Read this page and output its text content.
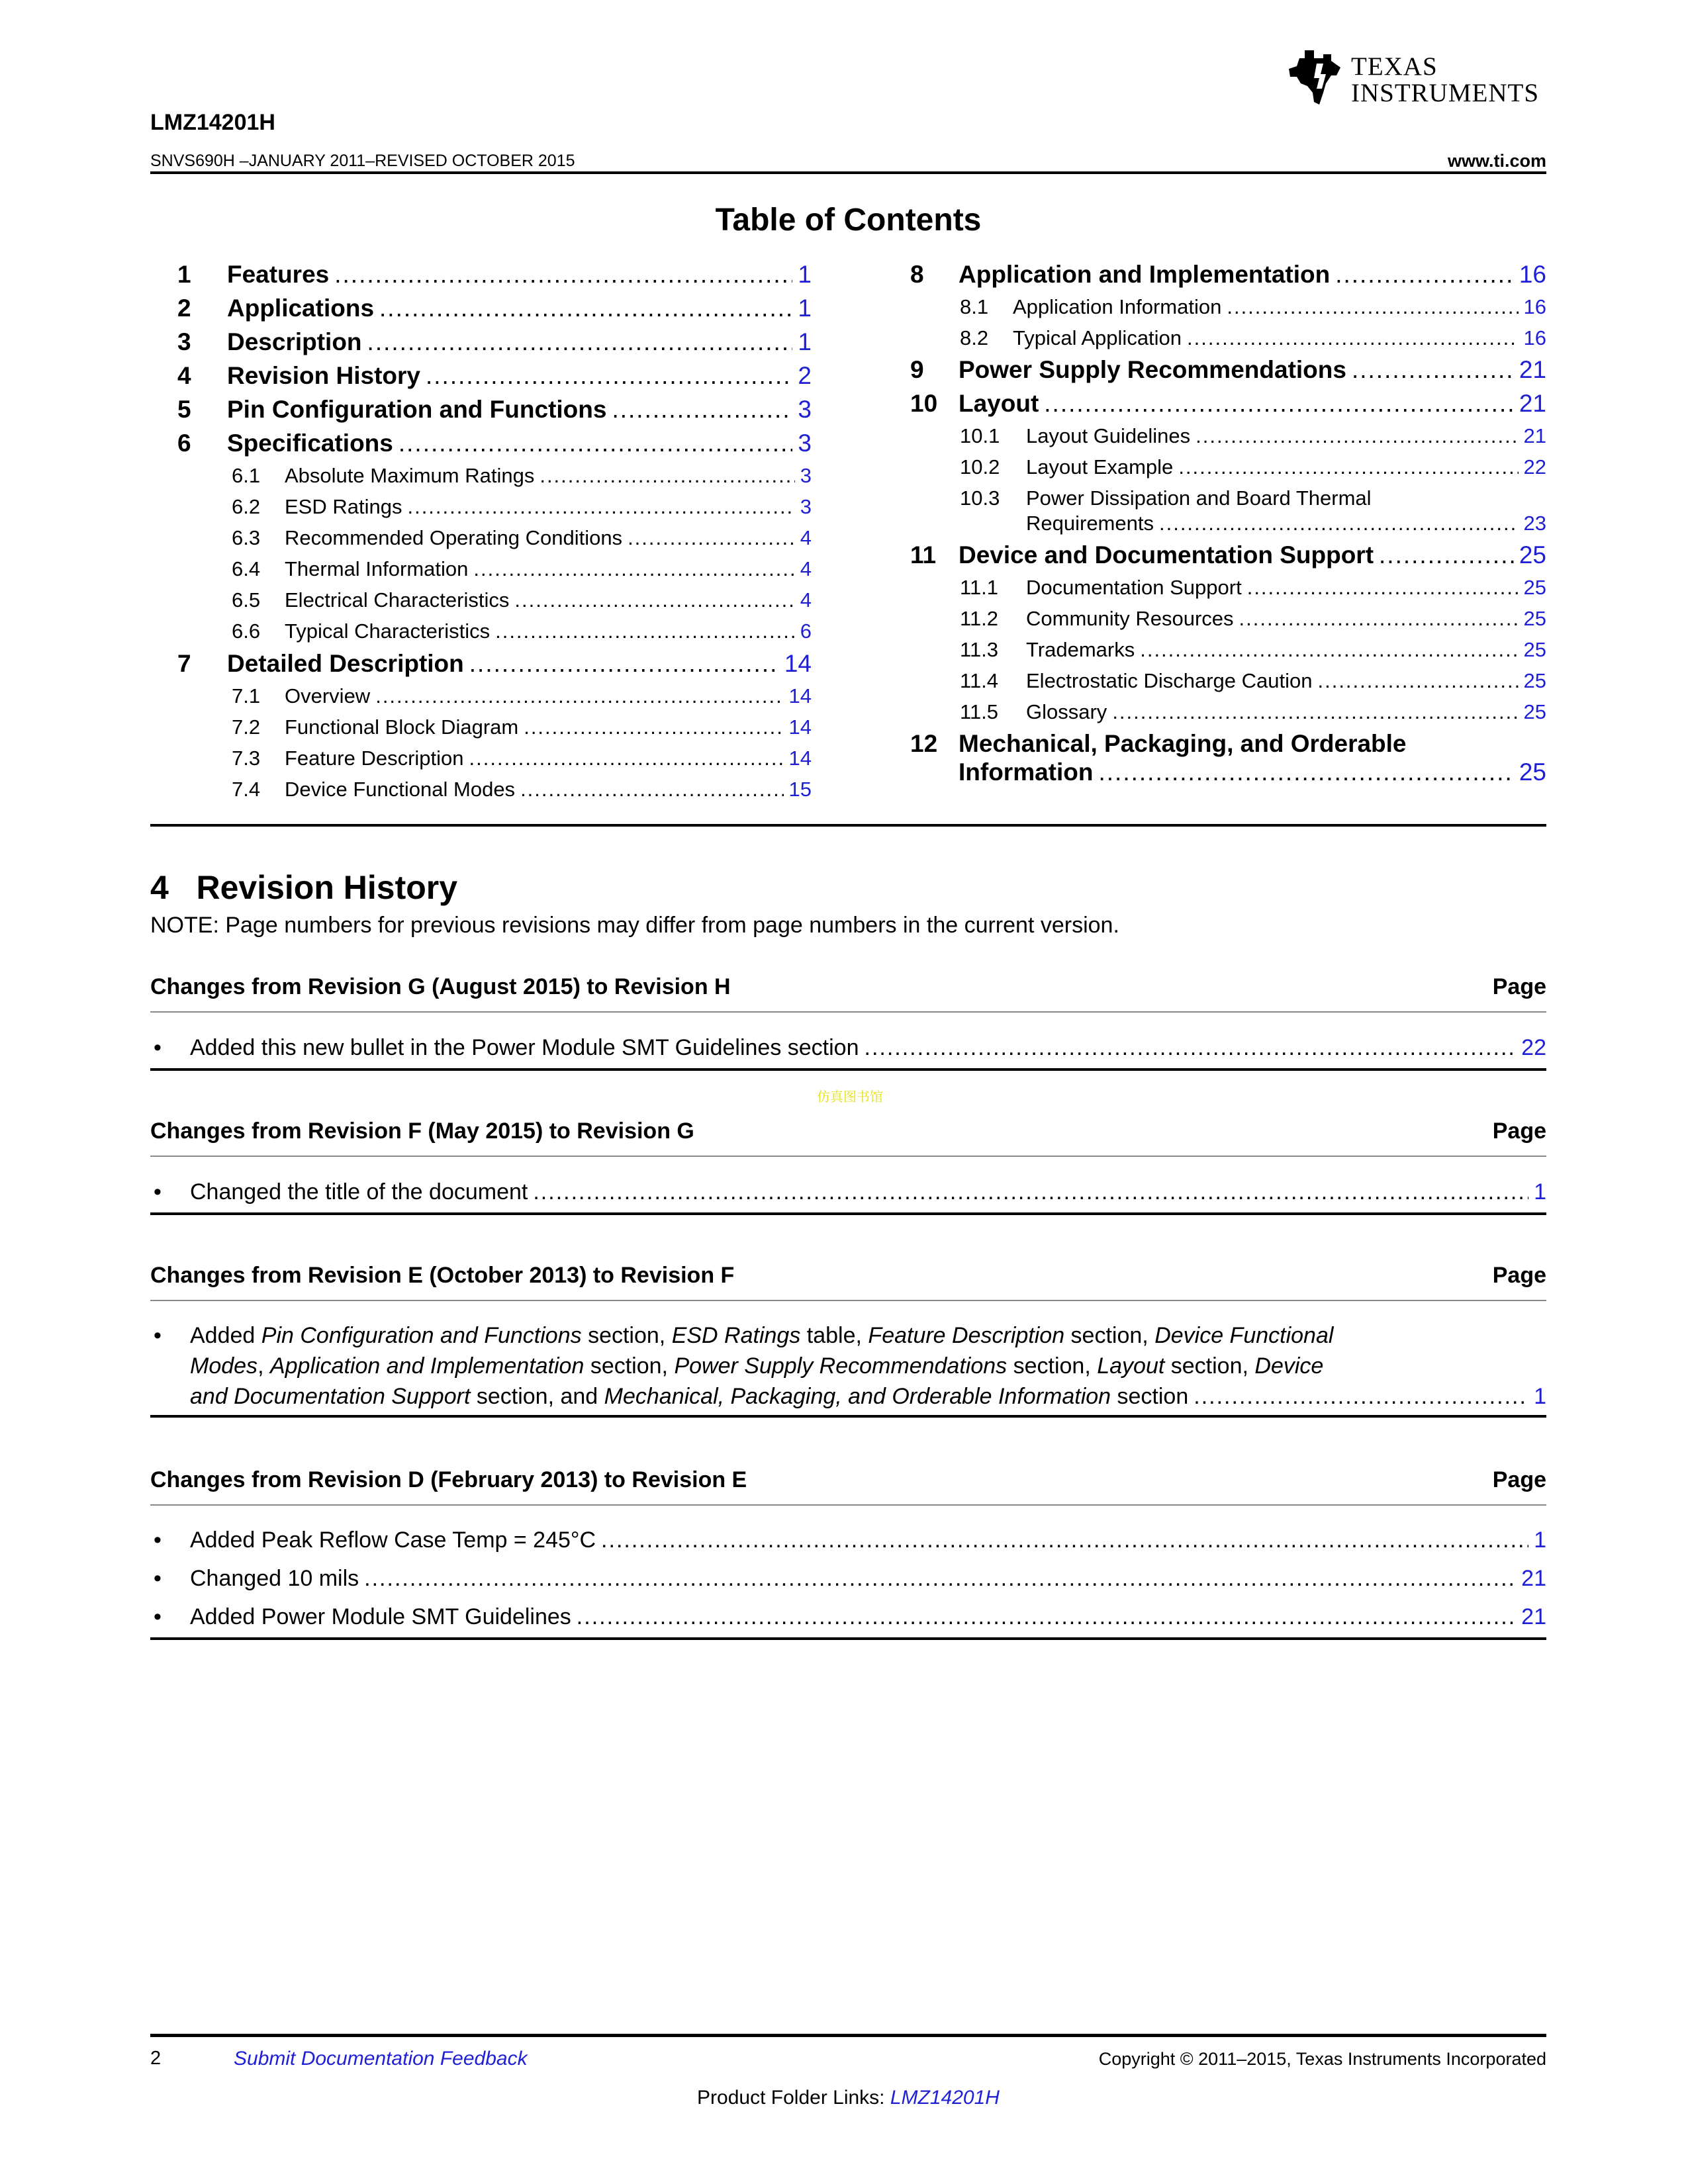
TEXAS
INSTRUMENTS
LMZ14201H
SNVS690H –JANUARY 2011–REVISED OCTOBER 2015	www.ti.com
Table of Contents
1	Features .....	1
2	Applications .....	1
3	Description .....	1
4	Revision History .....	2
5	Pin Configuration and Functions .....	3
6	Specifications .....	3
6.1	Absolute Maximum Ratings .....	3
6.2	ESD Ratings .....	3
6.3	Recommended Operating Conditions .....	4
6.4	Thermal Information .....	4
6.5	Electrical Characteristics .....	4
6.6	Typical Characteristics .....	6
7	Detailed Description .....	14
7.1	Overview .....	14
7.2	Functional Block Diagram .....	14
7.3	Feature Description .....	14
7.4	Device Functional Modes .....	15
8	Application and Implementation .....	16
8.1	Application Information .....	16
8.2	Typical Application .....	16
9	Power Supply Recommendations .....	21
10 Layout .....	21
10.1	Layout Guidelines .....	21
10.2	Layout Example .....	22
10.3	Power Dissipation and Board Thermal
Requirements .....	23
11 Device and Documentation Support .....	25
11.1	Documentation Support .....	25
11.2	Community Resources .....	25
11.3	Trademarks .....	25
11.4	Electrostatic Discharge Caution .....	25
11.5	Glossary .....	25
12 Mechanical, Packaging, and Orderable
Information .....	25
4   Revision History
NOTE: Page numbers for previous revisions may differ from page numbers in the current version.
仿真图书馆
Changes from Revision G (August 2015) to Revision H	Page
• Added this new bullet in the Power Module SMT Guidelines section .....	22
Changes from Revision F (May 2015) to Revision G	Page
• Changed the title of the document .....	1
Changes from Revision E (October 2013) to Revision F	Page
• Added Pin Configuration and Functions section, ESD Ratings table, Feature Description section, Device Functional
Modes, Application and Implementation section, Power Supply Recommendations section, Layout section, Device
and Documentation Support section, and Mechanical, Packaging, and Orderable Information section .....	1
Changes from Revision D (February 2013) to Revision E	Page
• Added Peak Reflow Case Temp = 245°C .....	1
• Changed 10 mils .....	21
• Added Power Module SMT Guidelines .....	21
2	Submit Documentation Feedback	Copyright © 2011–2015, Texas Instruments Incorporated
Product Folder Links: LMZ14201H
